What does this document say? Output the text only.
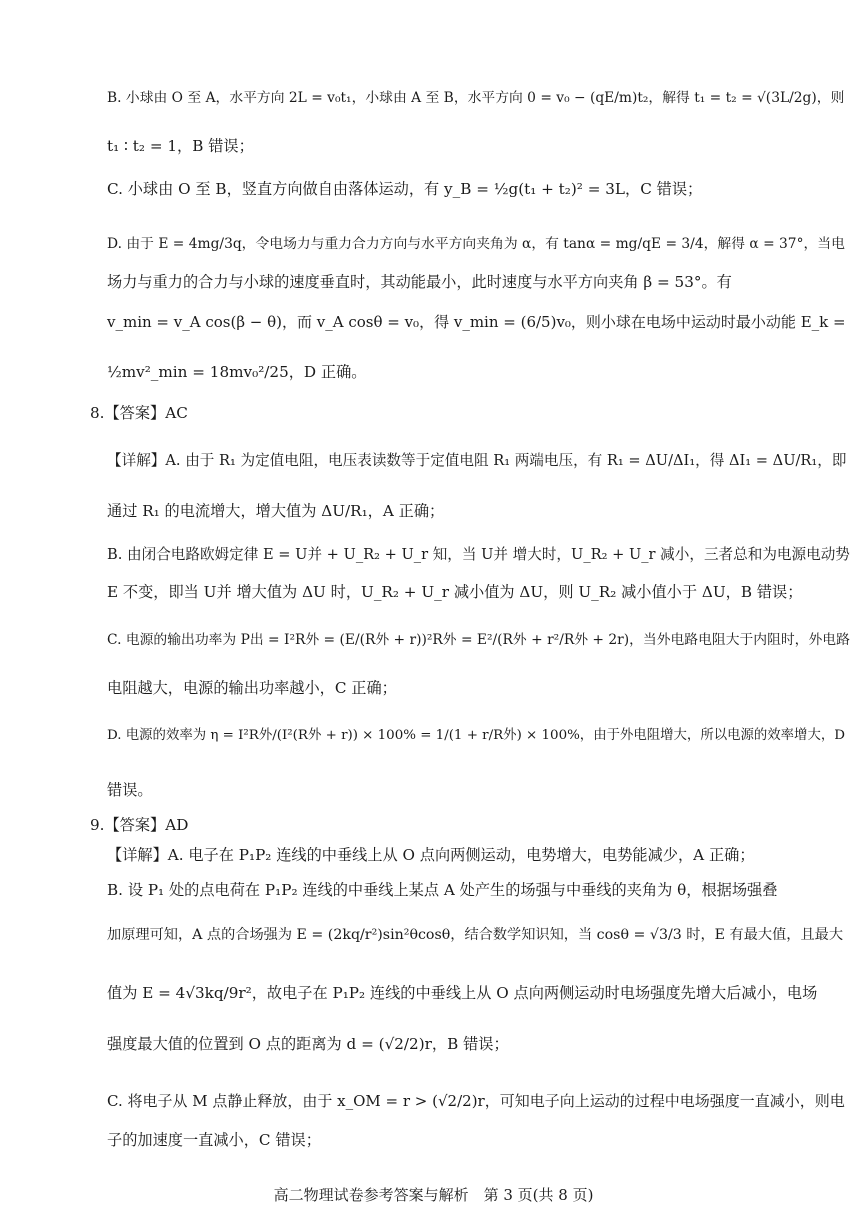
B. 小球由 O 至 A，水平方向 2L = v₀t₁，小球由 A 至 B，水平方向 0 = v₀ − (qE/m)t₂，解得 t₁ = t₂ = √(3L/2g)，则
t₁ ∶ t₂ = 1，B 错误；
C. 小球由 O 至 B，竖直方向做自由落体运动，有 y_B = ½g(t₁ + t₂)² = 3L，C 错误；
D. 由于 E = 4mg/3q，令电场力与重力合力方向与水平方向夹角为 α，有 tanα = mg/qE = 3/4，解得 α = 37°，当电
场力与重力的合力与小球的速度垂直时，其动能最小，此时速度与水平方向夹角 β = 53°。有
v_min = v_A cos(β − θ)，而 v_A cosθ = v₀，得 v_min = (6/5)v₀，则小球在电场中运动时最小动能 E_k =
½mv²_min = 18mv₀²/25，D 正确。
8.【答案】AC
【详解】A. 由于 R₁ 为定值电阻，电压表读数等于定值电阻 R₁ 两端电压，有 R₁ = ΔU/ΔI₁，得 ΔI₁ = ΔU/R₁，即
通过 R₁ 的电流增大，增大值为 ΔU/R₁，A 正确；
B. 由闭合电路欧姆定律 E = U并 + U_R₂ + U_r 知，当 U并 增大时，U_R₂ + U_r 减小，三者总和为电源电动势
E 不变，即当 U并 增大值为 ΔU 时，U_R₂ + U_r 减小值为 ΔU，则 U_R₂ 减小值小于 ΔU，B 错误；
C. 电源的输出功率为 P出 = I²R外 = (E/(R外 + r))²R外 = E²/(R外 + r²/R外 + 2r)，当外电路电阻大于内阻时，外电路
电阻越大，电源的输出功率越小，C 正确；
D. 电源的效率为 η = I²R外/(I²(R外 + r)) × 100% = 1/(1 + r/R外) × 100%，由于外电阻增大，所以电源的效率增大，D
错误。
9.【答案】AD
【详解】A. 电子在 P₁P₂ 连线的中垂线上从 O 点向两侧运动，电势增大，电势能减少，A 正确；
B. 设 P₁ 处的点电荷在 P₁P₂ 连线的中垂线上某点 A 处产生的场强与中垂线的夹角为 θ，根据场强叠
加原理可知，A 点的合场强为 E = (2kq/r²)sin²θcosθ，结合数学知识知，当 cosθ = √3/3 时，E 有最大值，且最大
值为 E = 4√3kq/9r²，故电子在 P₁P₂ 连线的中垂线上从 O 点向两侧运动时电场强度先增大后减小，电场
强度最大值的位置到 O 点的距离为 d = (√2/2)r，B 错误；
C. 将电子从 M 点静止释放，由于 x_OM = r > (√2/2)r，可知电子向上运动的过程中电场强度一直减小，则电
子的加速度一直减小，C 错误；
高二物理试卷参考答案与解析　第 3 页(共 8 页)
